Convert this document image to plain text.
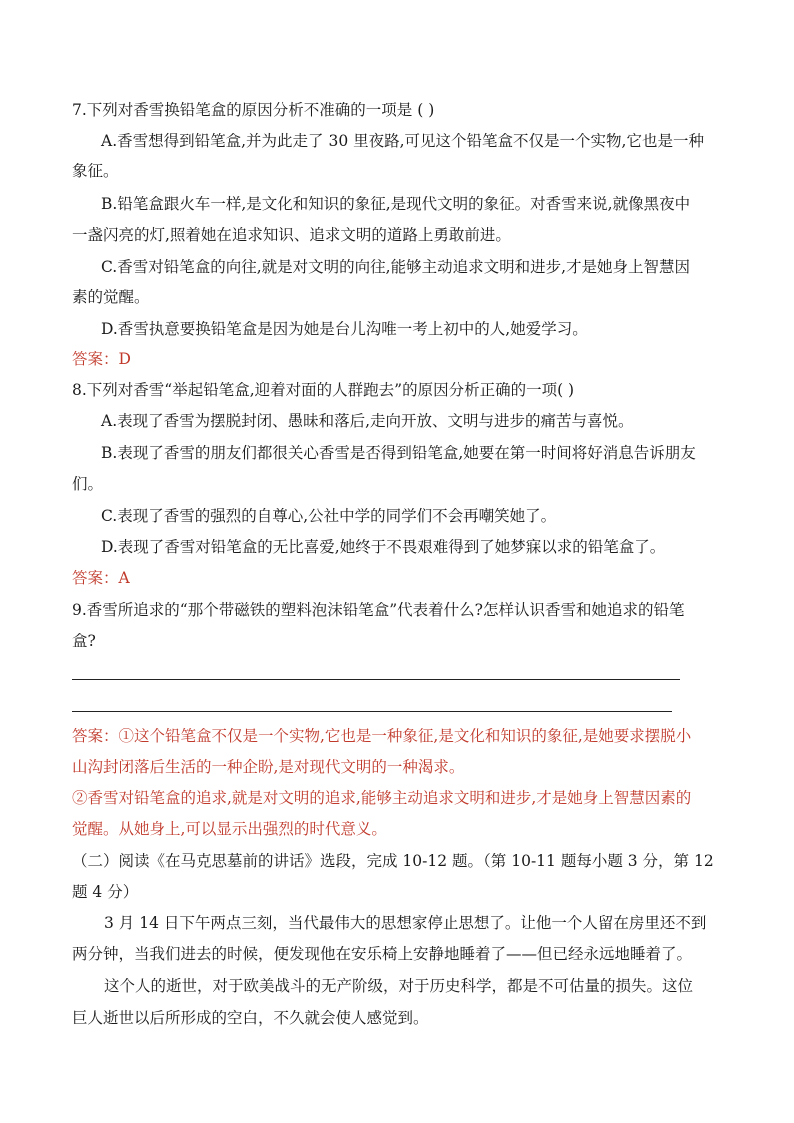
7.下列对香雪换铅笔盒的原因分析不准确的一项是 ( )
A.香雪想得到铅笔盒,并为此走了 30 里夜路,可见这个铅笔盒不仅是一个实物,它也是一种
象征。
B.铅笔盒跟火车一样,是文化和知识的象征,是现代文明的象征。对香雪来说,就像黑夜中
一盏闪亮的灯,照着她在追求知识、追求文明的道路上勇敢前进。
C.香雪对铅笔盒的向往,就是对文明的向往,能够主动追求文明和进步,才是她身上智慧因
素的觉醒。
D.香雪执意要换铅笔盒是因为她是台儿沟唯一考上初中的人,她爱学习。
答案：D
8.下列对香雪“举起铅笔盒,迎着对面的人群跑去”的原因分析正确的一项( )
A.表现了香雪为摆脱封闭、愚昧和落后,走向开放、文明与进步的痛苦与喜悦。
B.表现了香雪的朋友们都很关心香雪是否得到铅笔盒,她要在第一时间将好消息告诉朋友
们。
C.表现了香雪的强烈的自尊心,公社中学的同学们不会再嘲笑她了。
D.表现了香雪对铅笔盒的无比喜爱,她终于不畏艰难得到了她梦寐以求的铅笔盒了。
答案：A
9.香雪所追求的“那个带磁铁的塑料泡沫铅笔盒”代表着什么?怎样认识香雪和她追求的铅笔
盒?
答案：①这个铅笔盒不仅是一个实物,它也是一种象征,是文化和知识的象征,是她要求摆脱小
山沟封闭落后生活的一种企盼,是对现代文明的一种渴求。
②香雪对铅笔盒的追求,就是对文明的追求,能够主动追求文明和进步,才是她身上智慧因素的
觉醒。从她身上,可以显示出强烈的时代意义。
（二）阅读《在马克思墓前的讲话》选段，完成 10-12 题。（第 10-11 题每小题 3 分，第 12
题 4 分）
3 月 14 日下午两点三刻，当代最伟大的思想家停止思想了。让他一个人留在房里还不到
两分钟，当我们进去的时候，便发现他在安乐椅上安静地睡着了——但已经永远地睡着了。
这个人的逝世，对于欧美战斗的无产阶级，对于历史科学，都是不可估量的损失。这位
巨人逝世以后所形成的空白，不久就会使人感觉到。
